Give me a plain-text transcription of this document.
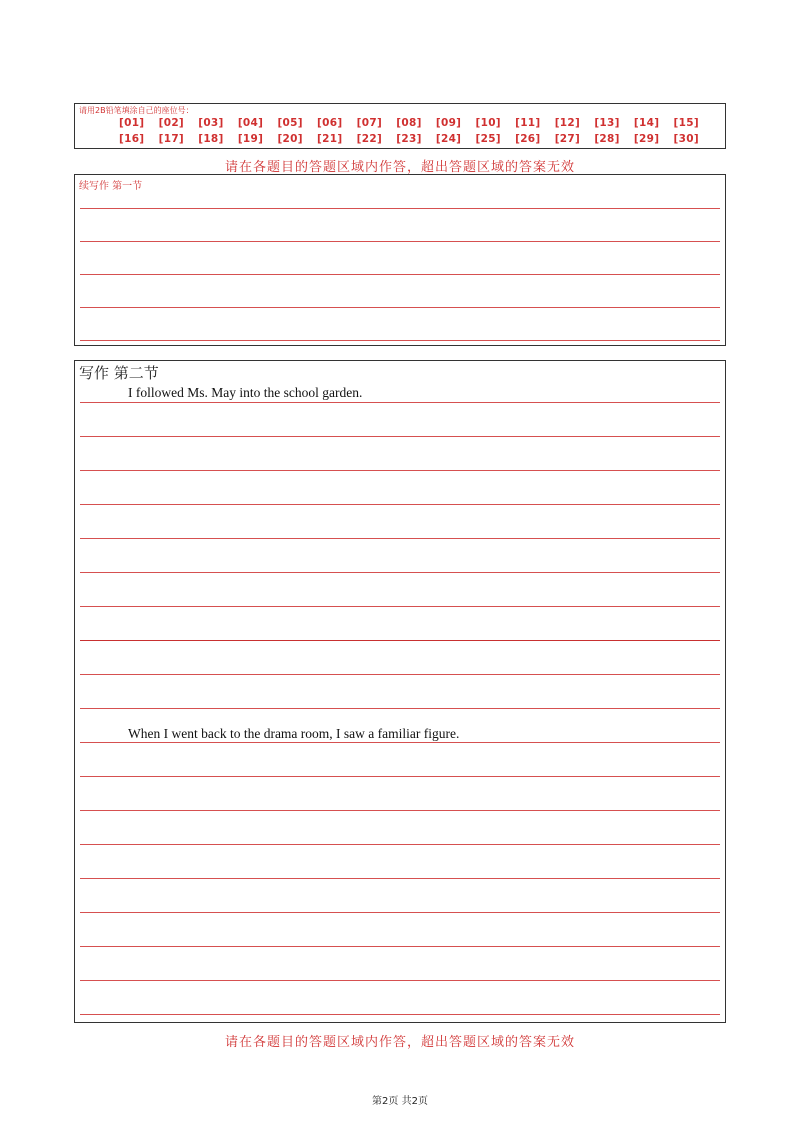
请用2B铅笔填涂自己的座位号：
[01] [02] [03] [04] [05] [06] [07] [08] [09] [10] [11] [12] [13] [14] [15]
[16] [17] [18] [19] [20] [21] [22] [23] [24] [25] [26] [27] [28] [29] [30]
请在各题目的答题区域内作答，超出答题区域的答案无效
续写作 第一节
写作 第二节
I followed Ms. May into the school garden.
When I went back to the drama room, I saw a familiar figure.
请在各题目的答题区域内作答，超出答题区域的答案无效
第2页 共2页
